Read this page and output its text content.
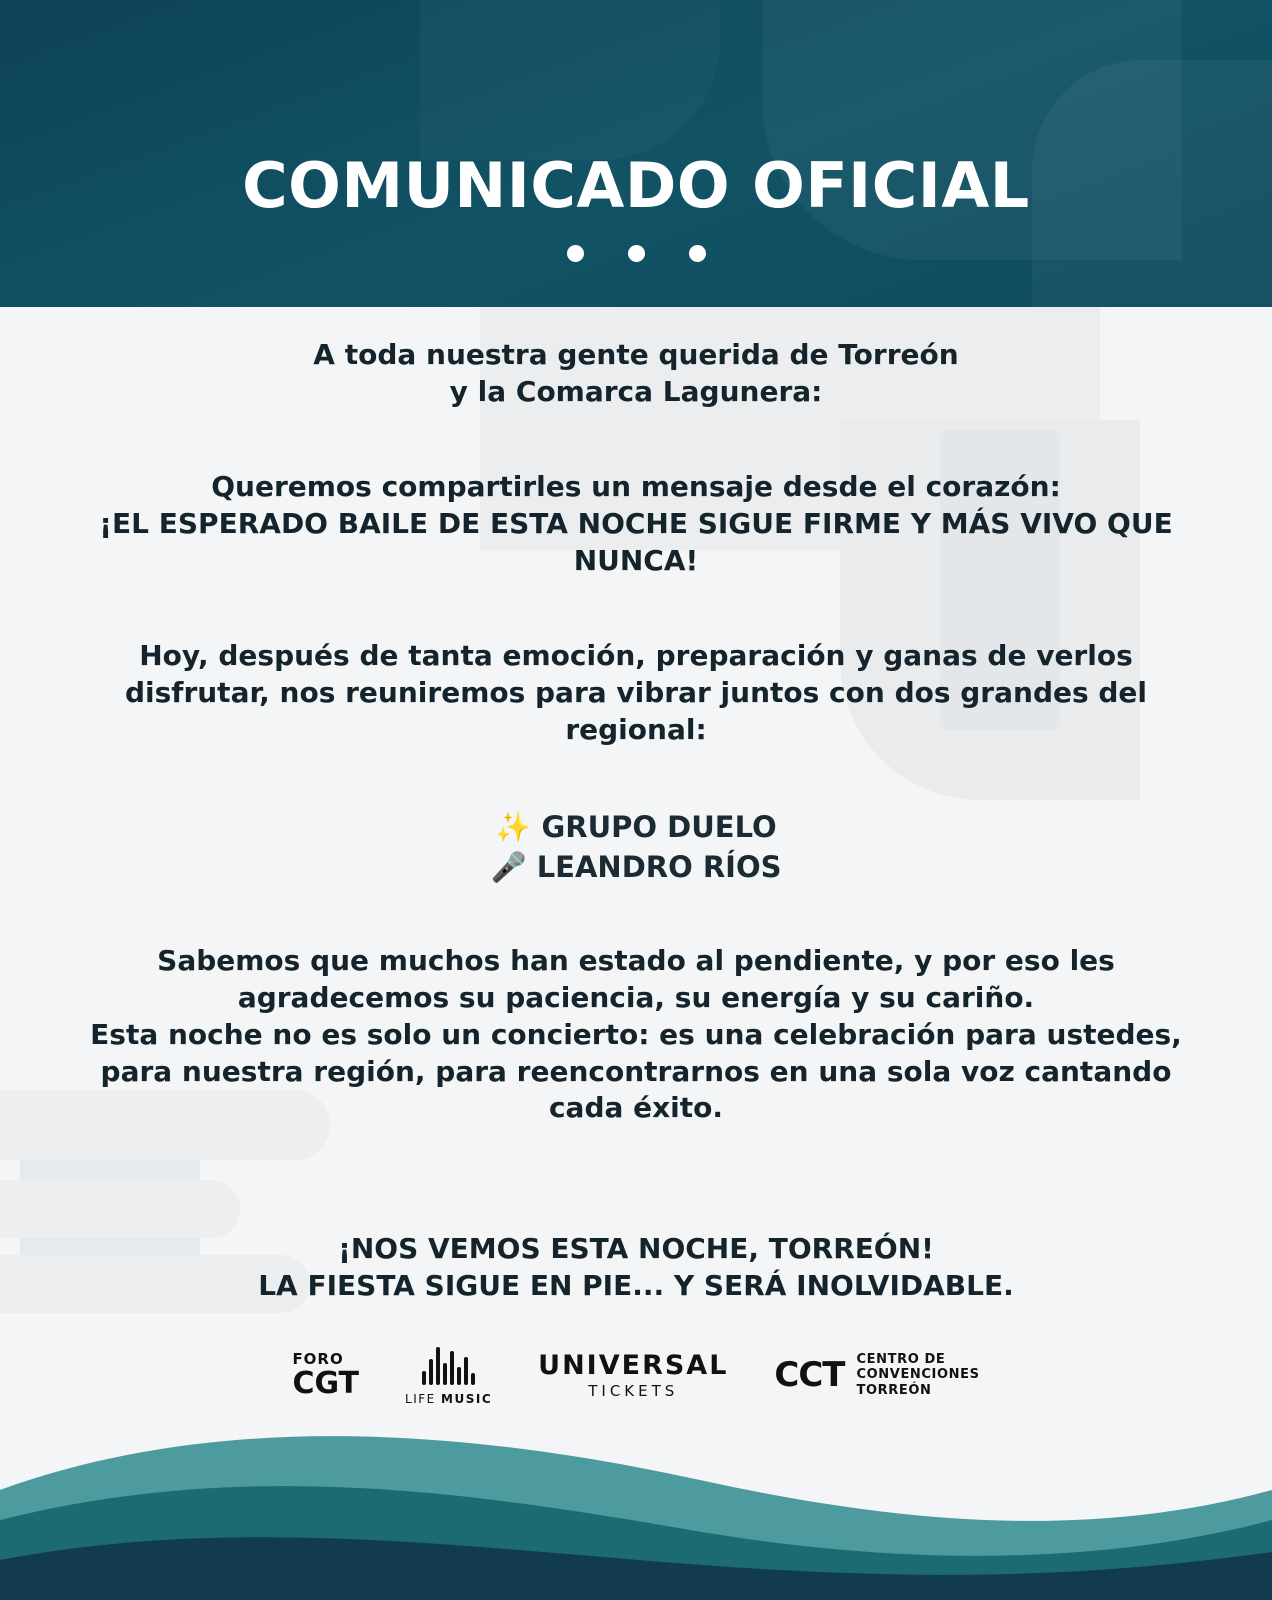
COMUNICADO OFICIAL
A toda nuestra gente querida de Torreón
y la Comarca Lagunera:
Queremos compartirles un mensaje desde el corazón:
¡EL ESPERADO BAILE DE ESTA NOCHE SIGUE FIRME Y MÁS VIVO QUE NUNCA!
Hoy, después de tanta emoción, preparación y ganas de verlos disfrutar, nos reuniremos para vibrar juntos con dos grandes del regional:
✨ GRUPO DUELO
🎤 LEANDRO RÍOS
Sabemos que muchos han estado al pendiente, y por eso les agradecemos su paciencia, su energía y su cariño.
Esta noche no es solo un concierto: es una celebración para ustedes, para nuestra región, para reencontrarnos en una sola voz cantando cada éxito.
¡NOS VEMOS ESTA NOCHE, TORREÓN!
LA FIESTA SIGUE EN PIE... Y SERÁ INOLVIDABLE.
FORO
CGT	LIFE MUSIC
UNIVERSAL
TICKETS	CCT CENTRO DE
CONVENCIONES
TORREÓN
